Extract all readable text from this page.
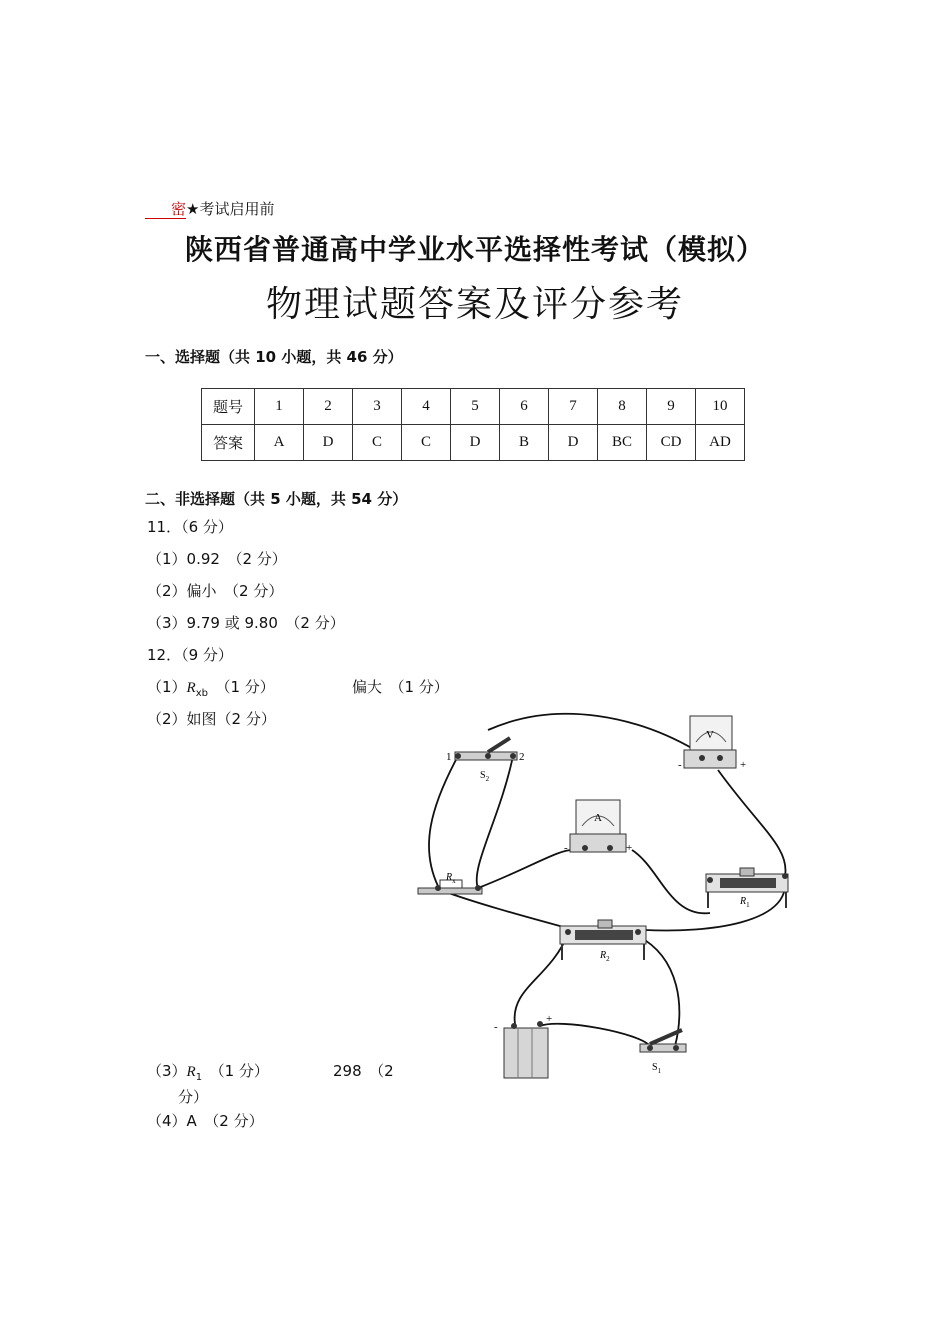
密★考试启用前
陕西省普通高中学业水平选择性考试（模拟）
物理试题答案及评分参考
一、选择题（共 10 小题，共 46 分）
题号	1	2	3	4	5	6	7	8	9	10
答案	A	D	C	C	D	B	D	BC	CD	AD
二、非选择题（共 5 小题，共 54 分）
11．（6 分）
（1）0.92　（2 分）
（2）偏小　（2 分）
（3）9.79 或 9.80　（2 分）
12．（9 分）
$(1)R_{xb}$　（1 分）	偏大　（1 分）
（2）如图（2 分）
$(3)R_1$　（1 分）	298　（2
分）
（4）A　（2 分）
1	2
$S_2$
V
-	+
A
-	+
$R_x$
$R_1$
$R_2$
-
+
$S_1$
